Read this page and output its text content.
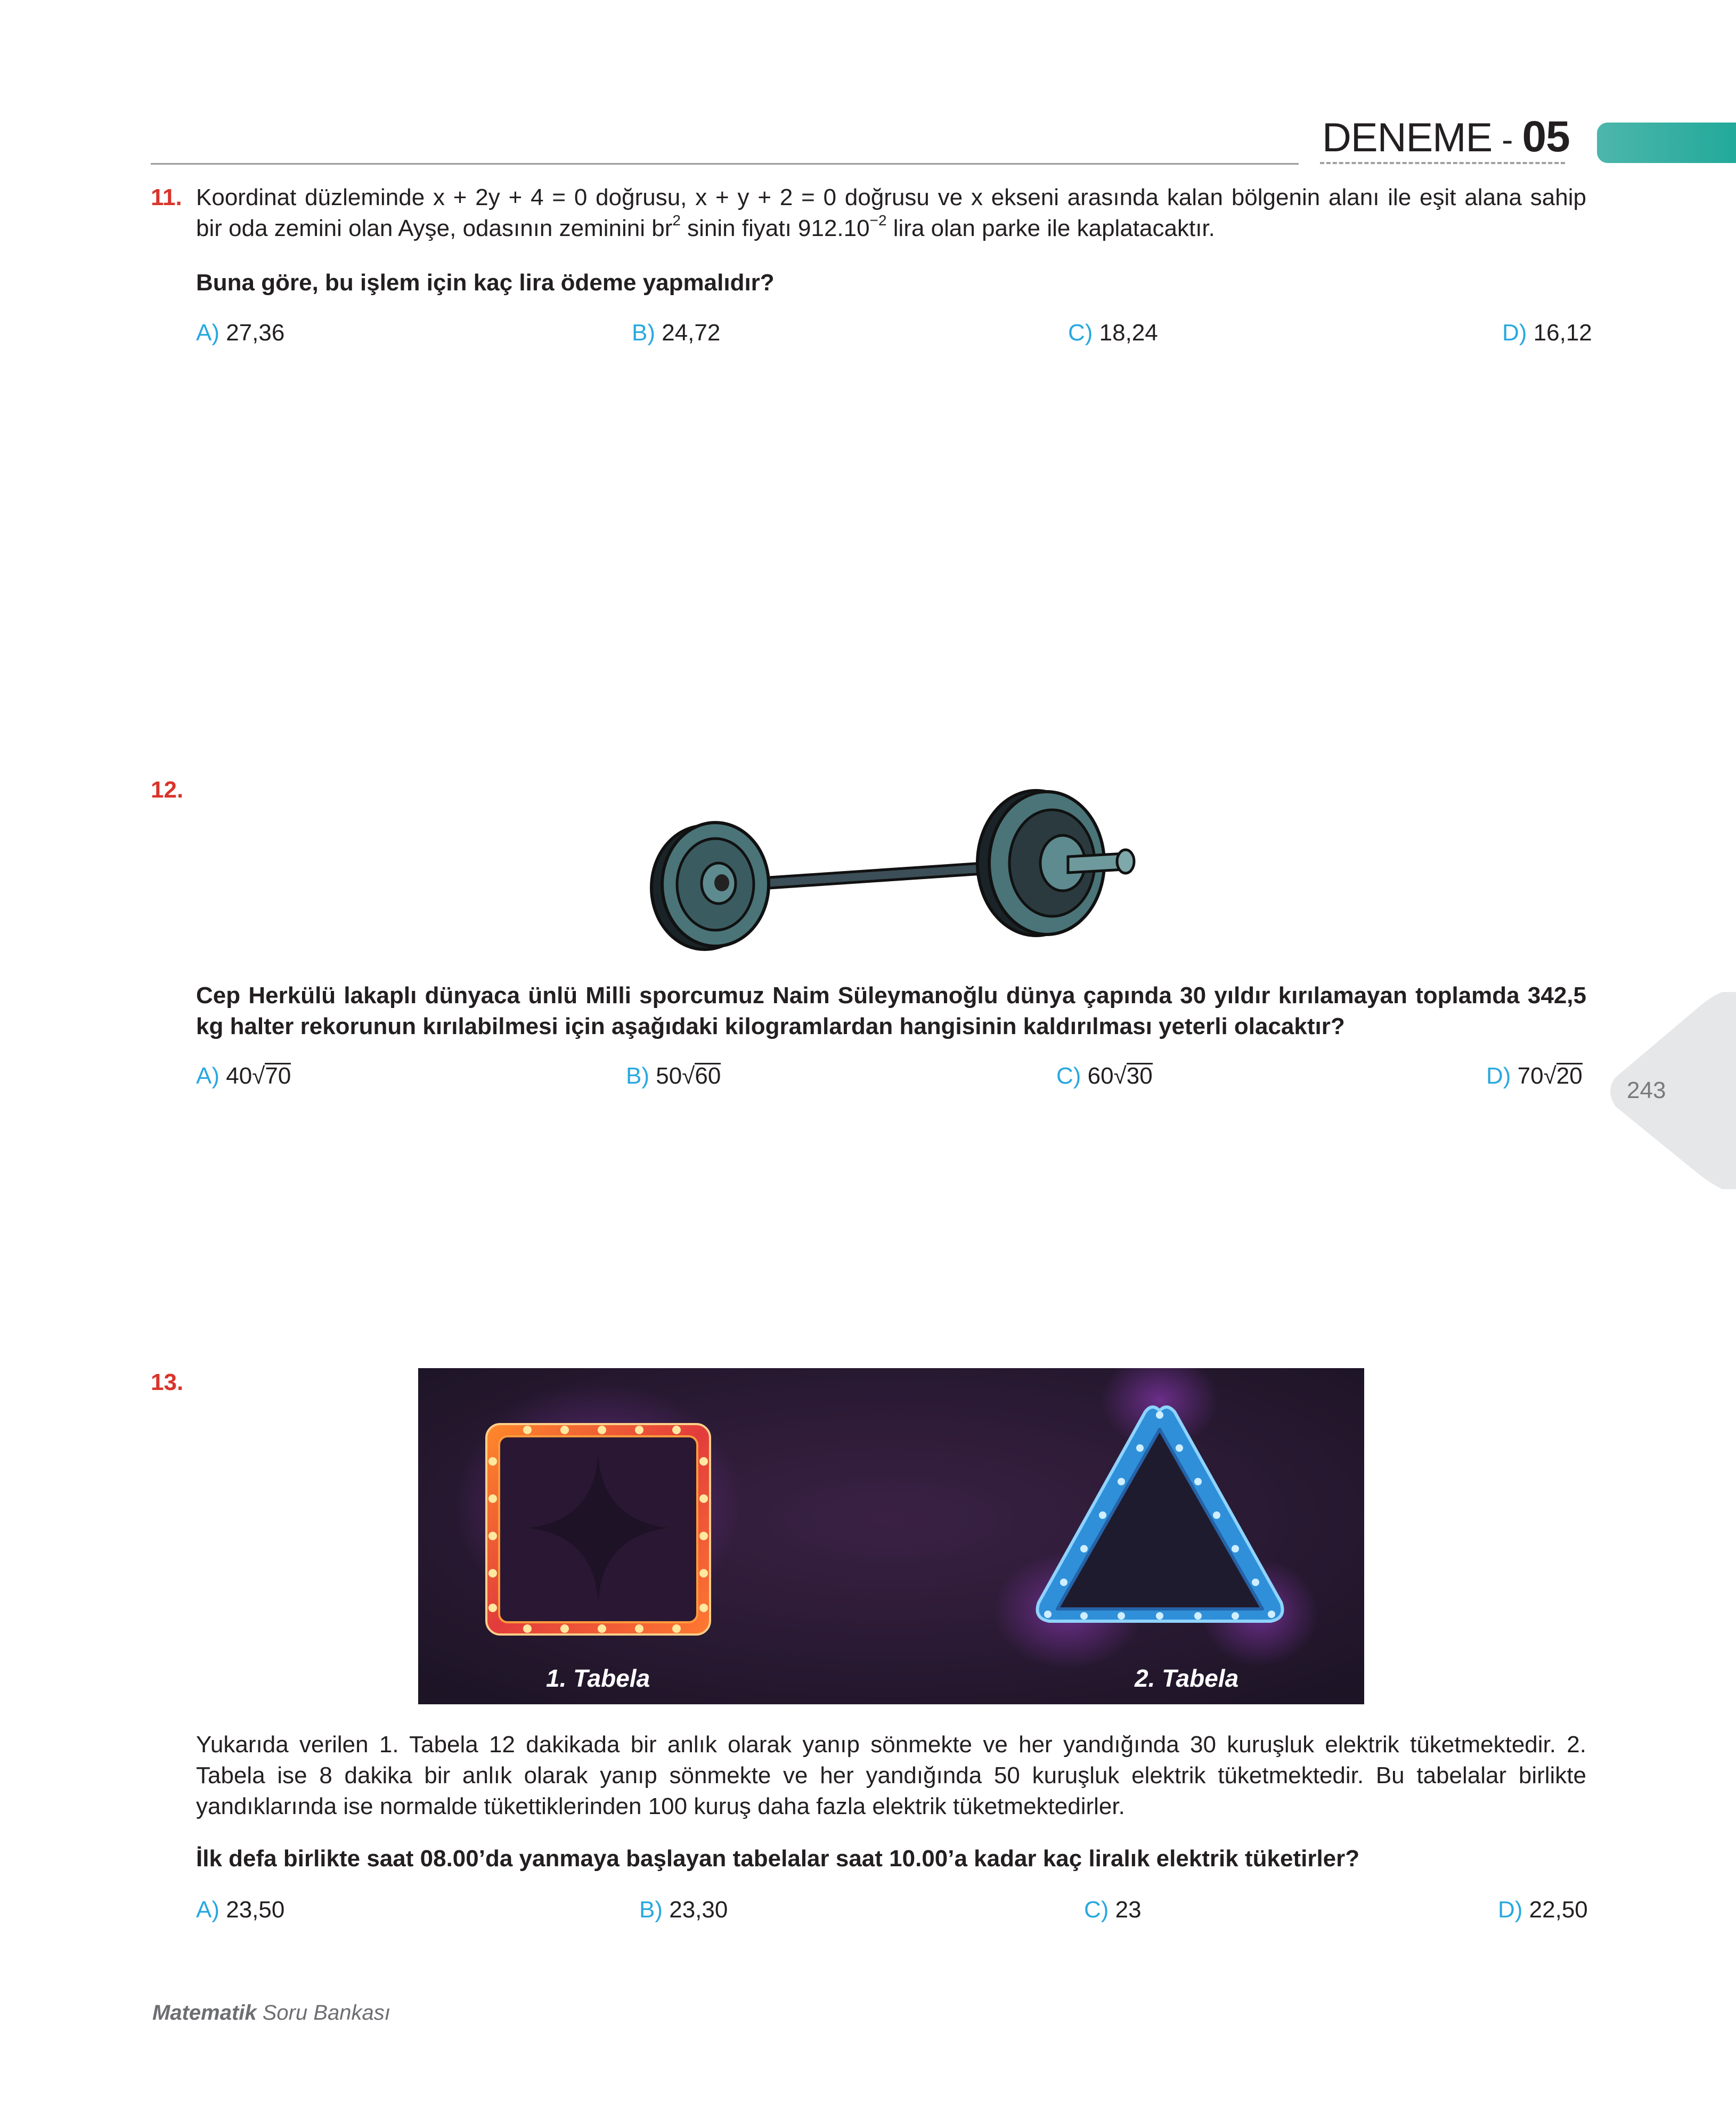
DENEME - 05
11. Koordinat düzleminde x + 2y + 4 = 0 doğrusu, x + y + 2 = 0 doğrusu ve x ekseni arasında kalan bölgenin alanı ile eşit alana sahip
bir oda zemini olan Ayşe, odasının zeminini $br^2$ sinin fiyatı $912.10^{-2}$ lira olan parke ile kaplatacaktır.
Buna göre, bu işlem için kaç lira ödeme yapmalıdır?
A) 27,36	B) 24,72	C) 18,24	D) 16,12
12.
Cep Herkülü lakaplı dünyaca ünlü Milli sporcumuz Naim Süleymanoğlu dünya çapında 30 yıldır kırılamayan toplamda 342,5
kg halter rekorunun kırılabilmesi için aşağıdaki kilogramlardan hangisinin kaldırılması yeterli olacaktır?
A) 40√70	B) 50√60	C) 60√30	D) 70√20
243
13.
1. Tabela	2. Tabela
Yukarıda verilen 1. Tabela 12 dakikada bir anlık olarak yanıp sönmekte ve her yandığında 30 kuruşluk elektrik tüketmektedir. 2.
Tabela ise 8 dakika bir anlık olarak yanıp sönmekte ve her yandığında 50 kuruşluk elektrik tüketmektedir. Bu tabelalar birlikte
yandıklarında ise normalde tükettiklerinden 100 kuruş daha fazla elektrik tüketmektedirler.
İlk defa birlikte saat 08.00’da yanmaya başlayan tabelalar saat 10.00’a kadar kaç liralık elektrik tüketirler?
A) 23,50	B) 23,30	C) 23	D) 22,50
Matematik Soru Bankası
